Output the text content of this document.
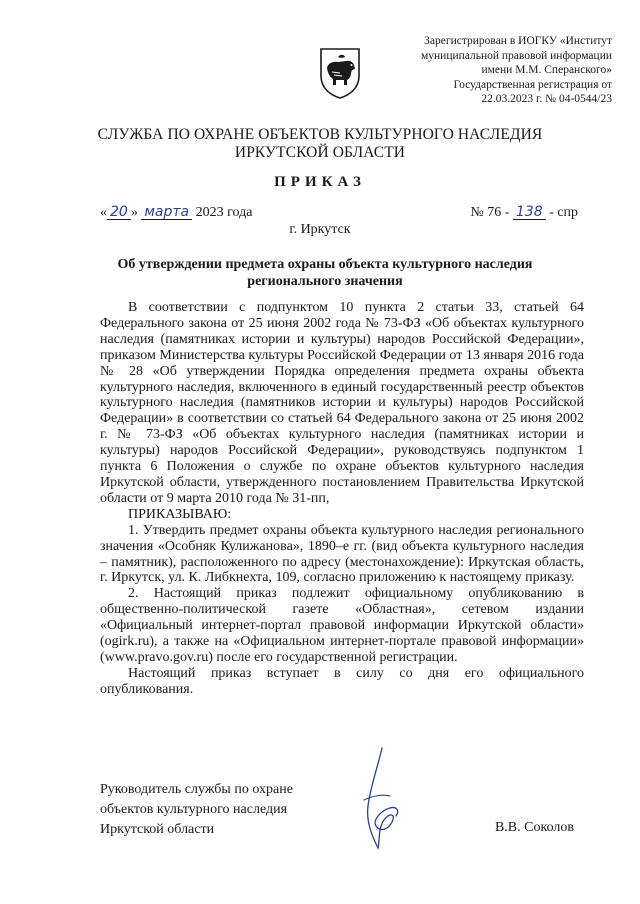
Зарегистрирован в ИОГКУ «Институт
муниципальной правовой информации
имени М.М. Сперанского»
Государственная регистрация от
22.03.2023 г. № 04-0544/23
СЛУЖБА ПО ОХРАНЕ ОБЪЕКТОВ КУЛЬТУРНОГО НАСЛЕДИЯ
ИРКУТСКОЙ ОБЛАСТИ
ПРИКАЗ
« 20 » марта 2023 года	№ 76 - 138 - спр
г. Иркутск
Об утверждении предмета охраны объекта культурного наследия
регионального значения

В соответствии с подпунктом 10 пункта 2 статьи 33, статьей 64 Федерального закона от 25 июня 2002 года № 73-ФЗ «Об объектах культурного наследия (памятниках истории и культуры) народов Российской Федерации», приказом Министерства культуры Российской Федерации от 13 января 2016 года № 28 «Об утверждении Порядка определения предмета охраны объекта культурного наследия, включенного в единый государственный реестр объектов культурного наследия (памятников истории и культуры) народов Российской Федерации» в соответствии со статьей 64 Федерального закона от 25 июня 2002 г. № 73-ФЗ «Об объектах культурного наследия (памятниках истории и культуры) народов Российской Федерации», руководствуясь подпунктом 1 пункта 6 Положения о службе по охране объектов культурного наследия Иркутской области, утвержденного постановлением Правительства Иркутской области от 9 марта 2010 года № 31-пп,

ПРИКАЗЫВАЮ:

1. Утвердить предмет охраны объекта культурного наследия регионального значения «Особняк Кулижанова», 1890–е гг. (вид объекта культурного наследия – памятник), расположенного по адресу (местонахождение): Иркутская область, г. Иркутск, ул. К. Либкнехта, 109, согласно приложению к настоящему приказу.

2. Настоящий приказ подлежит официальному опубликованию в общественно-политической газете «Областная», сетевом издании «Официальный интернет-портал правовой информации Иркутской области» (ogirk.ru), а также на «Официальном интернет-портале правовой информации» (www.pravo.gov.ru) после его государственной регистрации.

Настоящий приказ вступает в силу со дня его официального опубликования.

Руководитель службы по охране
объектов культурного наследия
Иркутской области	В.В. Соколов
